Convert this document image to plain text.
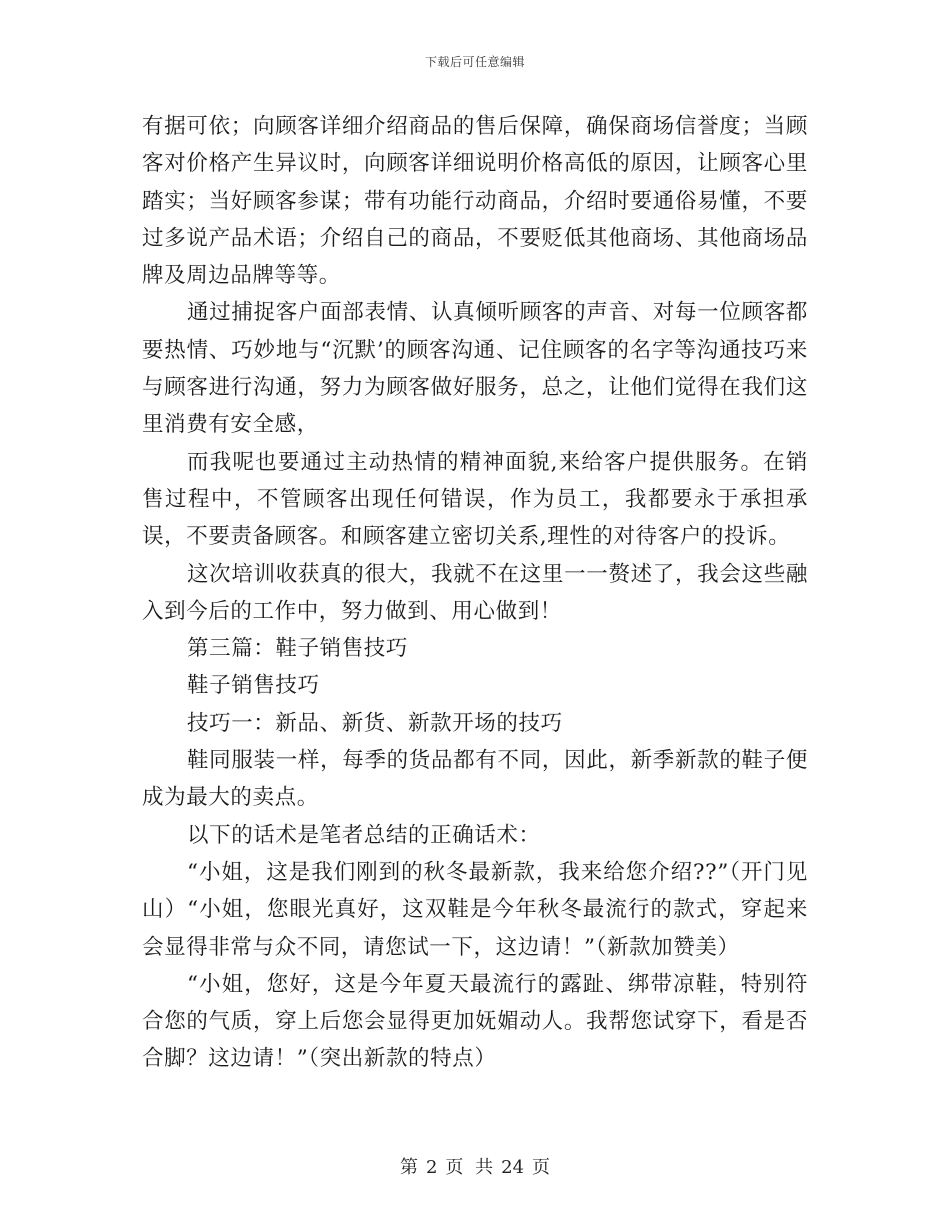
下载后可任意编辑

有据可依；向顾客详细介绍商品的售后保障，确保商场信誉度；当顾客对价格产生异议时，向顾客详细说明价格高低的原因，让顾客心里踏实；当好顾客参谋；带有功能行动商品，介绍时要通俗易懂，不要过多说产品术语；介绍自己的商品，不要贬低其他商场、其他商场品牌及周边品牌等等。

通过捕捉客户面部表情、认真倾听顾客的声音、对每一位顾客都要热情、巧妙地与“沉默’的顾客沟通、记住顾客的名字等沟通技巧来与顾客进行沟通，努力为顾客做好服务，总之，让他们觉得在我们这里消费有安全感，

而我呢也要通过主动热情的精神面貌,来给客户提供服务。在销售过程中，不管顾客出现任何错误，作为员工，我都要永于承担承误，不要责备顾客。和顾客建立密切关系,理性的对待客户的投诉。

这次培训收获真的很大，我就不在这里一一赘述了，我会这些融入到今后的工作中，努力做到、用心做到！

第三篇：鞋子销售技巧

鞋子销售技巧

技巧一：新品、新货、新款开场的技巧

鞋同服装一样，每季的货品都有不同，因此，新季新款的鞋子便成为最大的卖点。

以下的话术是笔者总结的正确话术：

“小姐，这是我们刚到的秋冬最新款，我来给您介绍??”（开门见山）“小姐，您眼光真好，这双鞋是今年秋冬最流行的款式，穿起来会显得非常与众不同，请您试一下，这边请！”（新款加赞美）

“小姐，您好，这是今年夏天最流行的露趾、绑带凉鞋，特别符合您的气质，穿上后您会显得更加妩媚动人。我帮您试穿下，看是否合脚？这边请！”（突出新款的特点）

第 2 页 共 24 页
